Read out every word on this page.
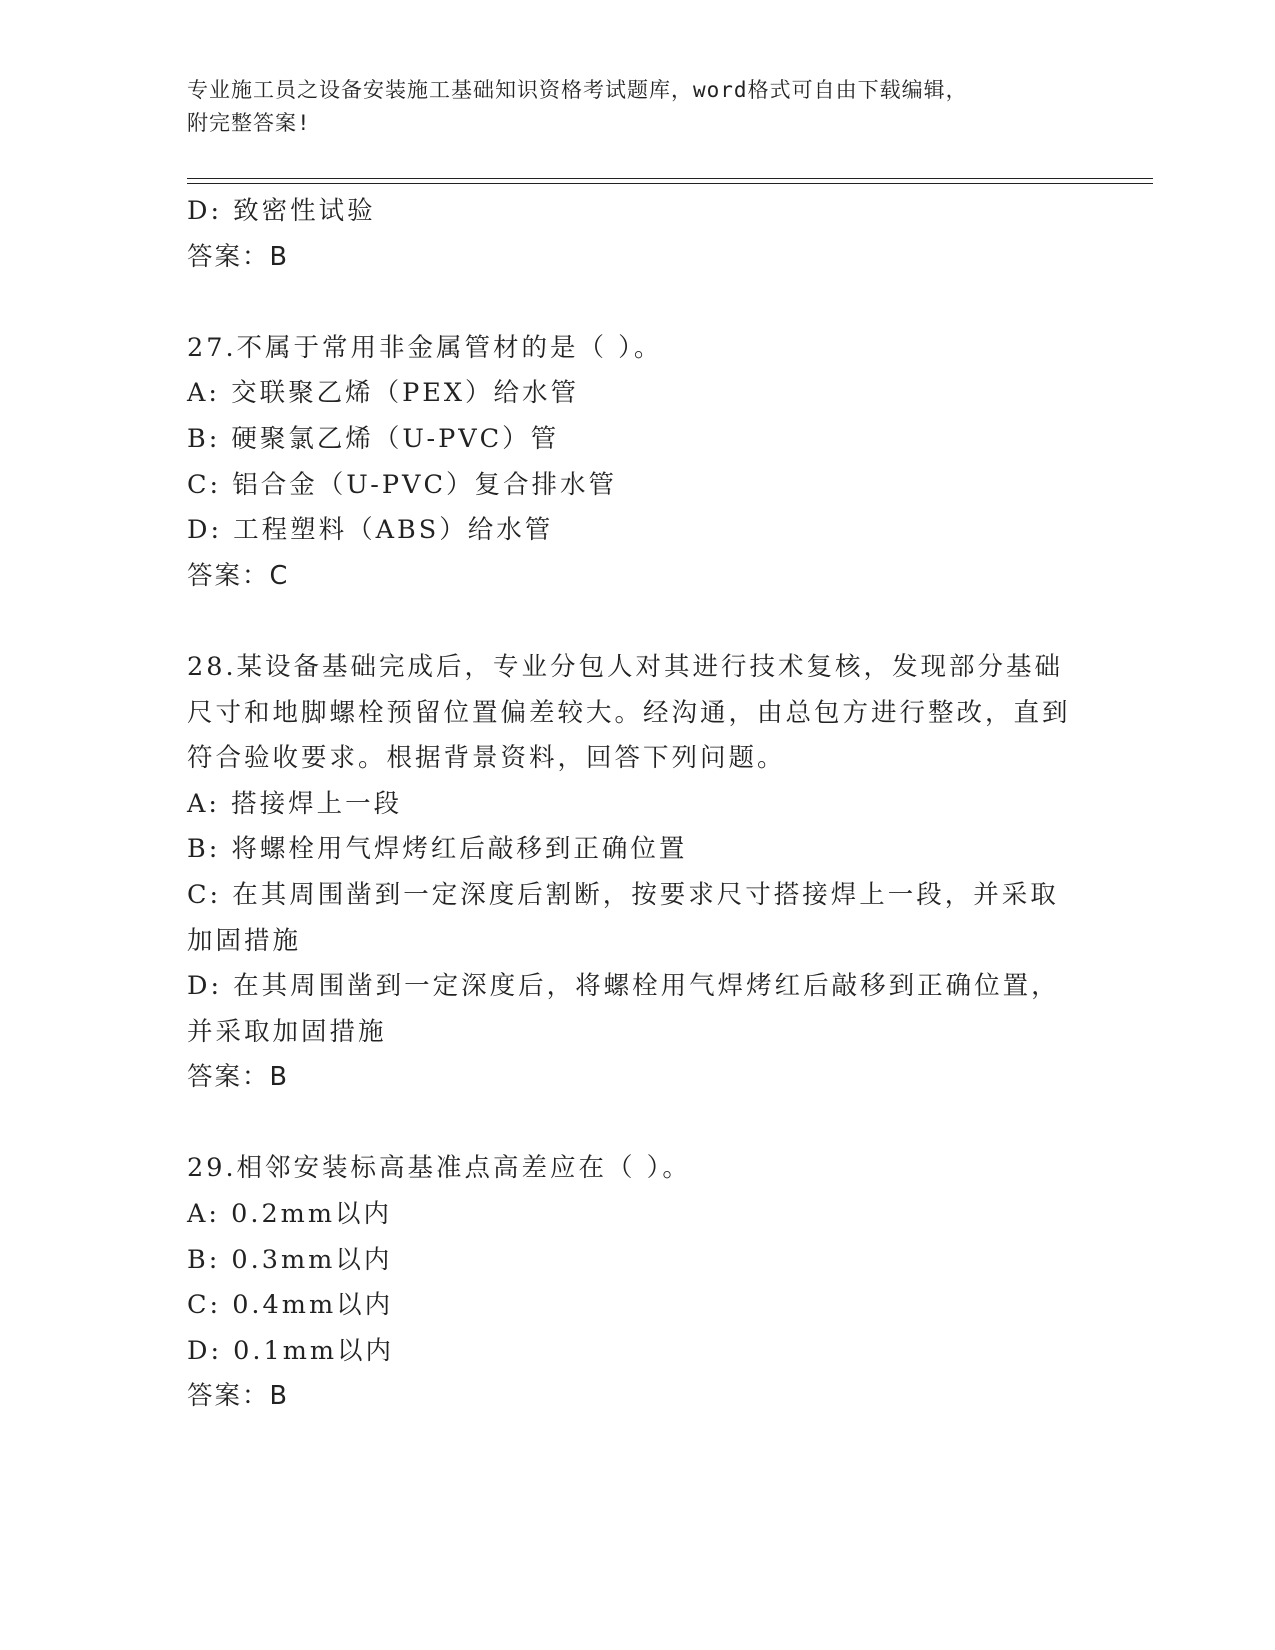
专业施工员之设备安装施工基础知识资格考试题库，word格式可自由下载编辑，
附完整答案!
D: 致密性试验
答案：B
27.不属于常用非金属管材的是（ ）。
A: 交联聚乙烯（PEX）给水管
B: 硬聚氯乙烯（U-PVC）管
C: 铝合金（U-PVC）复合排水管
D: 工程塑料（ABS）给水管
答案：C
28.某设备基础完成后，专业分包人对其进行技术复核，发现部分基础尺寸和地脚螺栓预留位置偏差较大。经沟通，由总包方进行整改，直到符合验收要求。根据背景资料，回答下列问题。
A: 搭接焊上一段
B: 将螺栓用气焊烤红后敲移到正确位置
C: 在其周围凿到一定深度后割断，按要求尺寸搭接焊上一段，并采取加固措施
D: 在其周围凿到一定深度后，将螺栓用气焊烤红后敲移到正确位置，并采取加固措施
答案：B
29.相邻安装标高基准点高差应在（ ）。
A: 0.2mm以内
B: 0.3mm以内
C: 0.4mm以内
D: 0.1mm以内
答案：B
